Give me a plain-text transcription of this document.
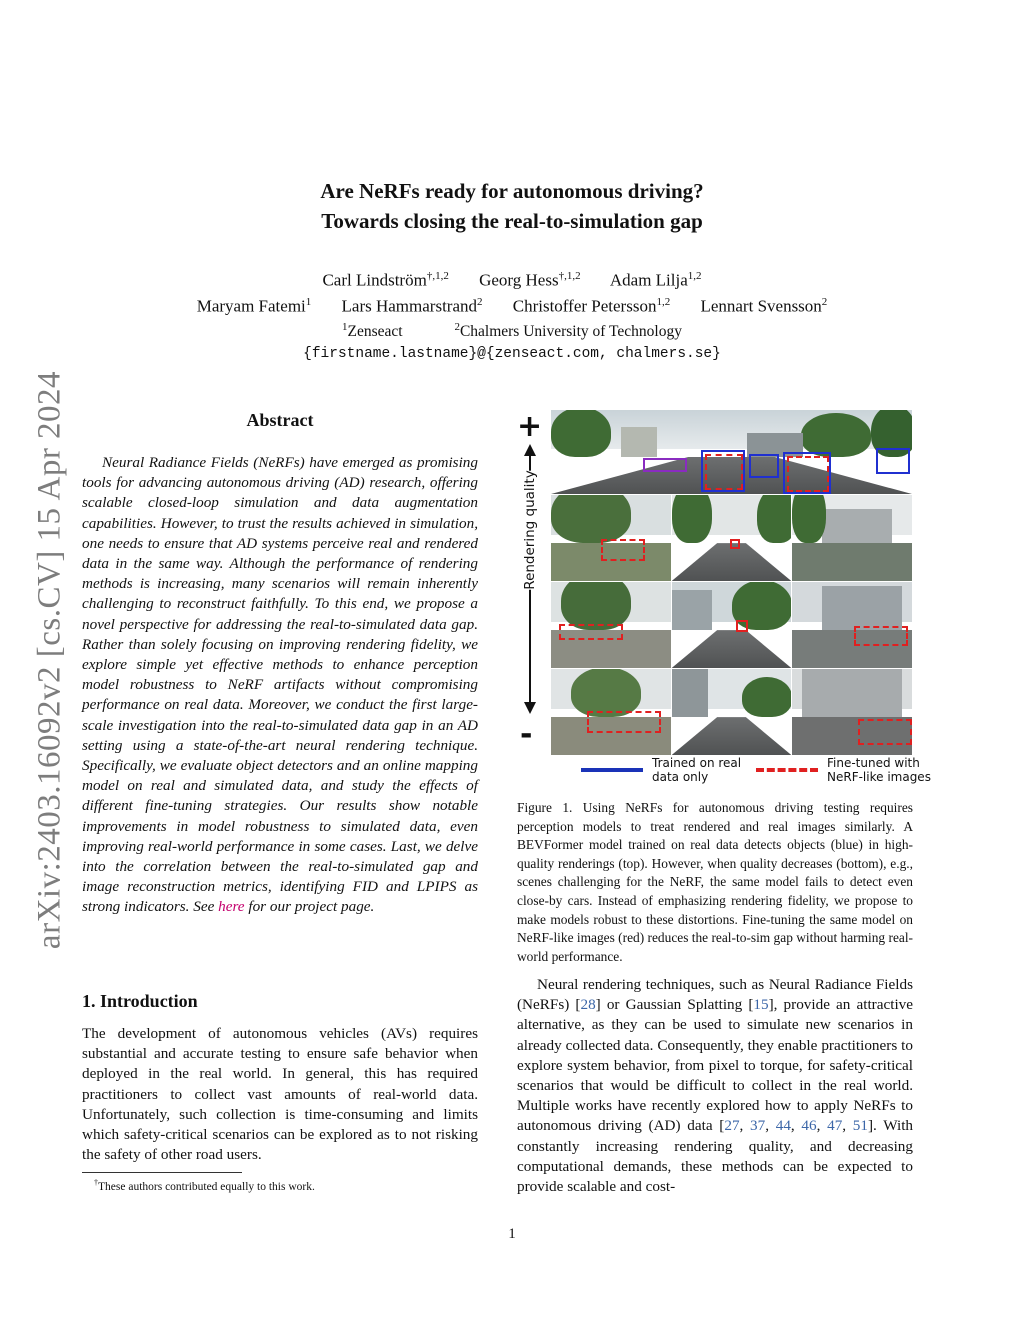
arXiv:2403.16092v2 [cs.CV] 15 Apr 2024
Are NeRFs ready for autonomous driving?
Towards closing the real-to-simulation gap
Carl Lindström$^{\dagger,1,2}$ Georg Hess$^{\dagger,1,2}$ Adam Lilja$^{1,2}$
Maryam Fatemi$^1$ Lars Hammarstrand$^2$ Christoffer Petersson$^{1,2}$ Lennart Svensson$^2$
$^1$Zenseact	$^2$Chalmers University of Technology
{firstname.lastname}@{zenseact.com, chalmers.se}
Abstract
Neural Radiance Fields (NeRFs) have emerged as promising tools for advancing autonomous driving (AD) research, offering scalable closed-loop simulation and data augmentation capabilities. However, to trust the results achieved in simulation, one needs to ensure that AD systems perceive real and rendered data in the same way. Although the performance of rendering methods is increasing, many scenarios will remain inherently challenging to reconstruct faithfully. To this end, we propose a novel perspective for addressing the real-to-simulated data gap. Rather than solely focusing on improving rendering fidelity, we explore simple yet effective methods to enhance perception model robustness to NeRF artifacts without compromising performance on real data. Moreover, we conduct the first large-scale investigation into the real-to-simulated data gap in an AD setting using a state-of-the-art neural rendering technique. Specifically, we evaluate object detectors and an online mapping model on real and simulated data, and study the effects of different fine-tuning strategies. Our results show notable improvements in model robustness to simulated data, even improving real-world performance in some cases. Last, we delve into the correlation between the real-to-simulated gap and image reconstruction metrics, identifying FID and LPIPS as strong indicators. See here for our project page.
1. Introduction
The development of autonomous vehicles (AVs) requires substantial and accurate testing to ensure safe behavior when deployed in the real world. In general, this has required practitioners to collect vast amounts of real-world data. Unfortunately, such collection is time-consuming and limits which safety-critical scenarios can be explored as to not risking the safety of other road users.
†These authors contributed equally to this work.
+
Rendering quality
-
Trained on real data only
Fine-tuned with NeRF-like images
Figure 1. Using NeRFs for autonomous driving testing requires perception models to treat rendered and real images similarly. A BEVFormer model trained on real data detects objects (blue) in high-quality renderings (top). However, when quality decreases (bottom), e.g., scenes challenging for the NeRF, the same model fails to detect even close-by cars. Instead of emphasizing rendering fidelity, we propose to make models robust to these distortions. Fine-tuning the same model on NeRF-like images (red) reduces the real-to-sim gap without harming real-world performance.
Neural rendering techniques, such as Neural Radiance Fields (NeRFs) [28] or Gaussian Splatting [15], provide an attractive alternative, as they can be used to simulate new scenarios in already collected data. Consequently, they enable practitioners to explore system behavior, from pixel to torque, for safety-critical scenarios that would be difficult to collect in the real world. Multiple works have recently explored how to apply NeRFs to autonomous driving (AD) data [27, 37, 44, 46, 47, 51]. With constantly increasing rendering quality, and decreasing computational demands, these methods can be expected to provide scalable and cost-
1
